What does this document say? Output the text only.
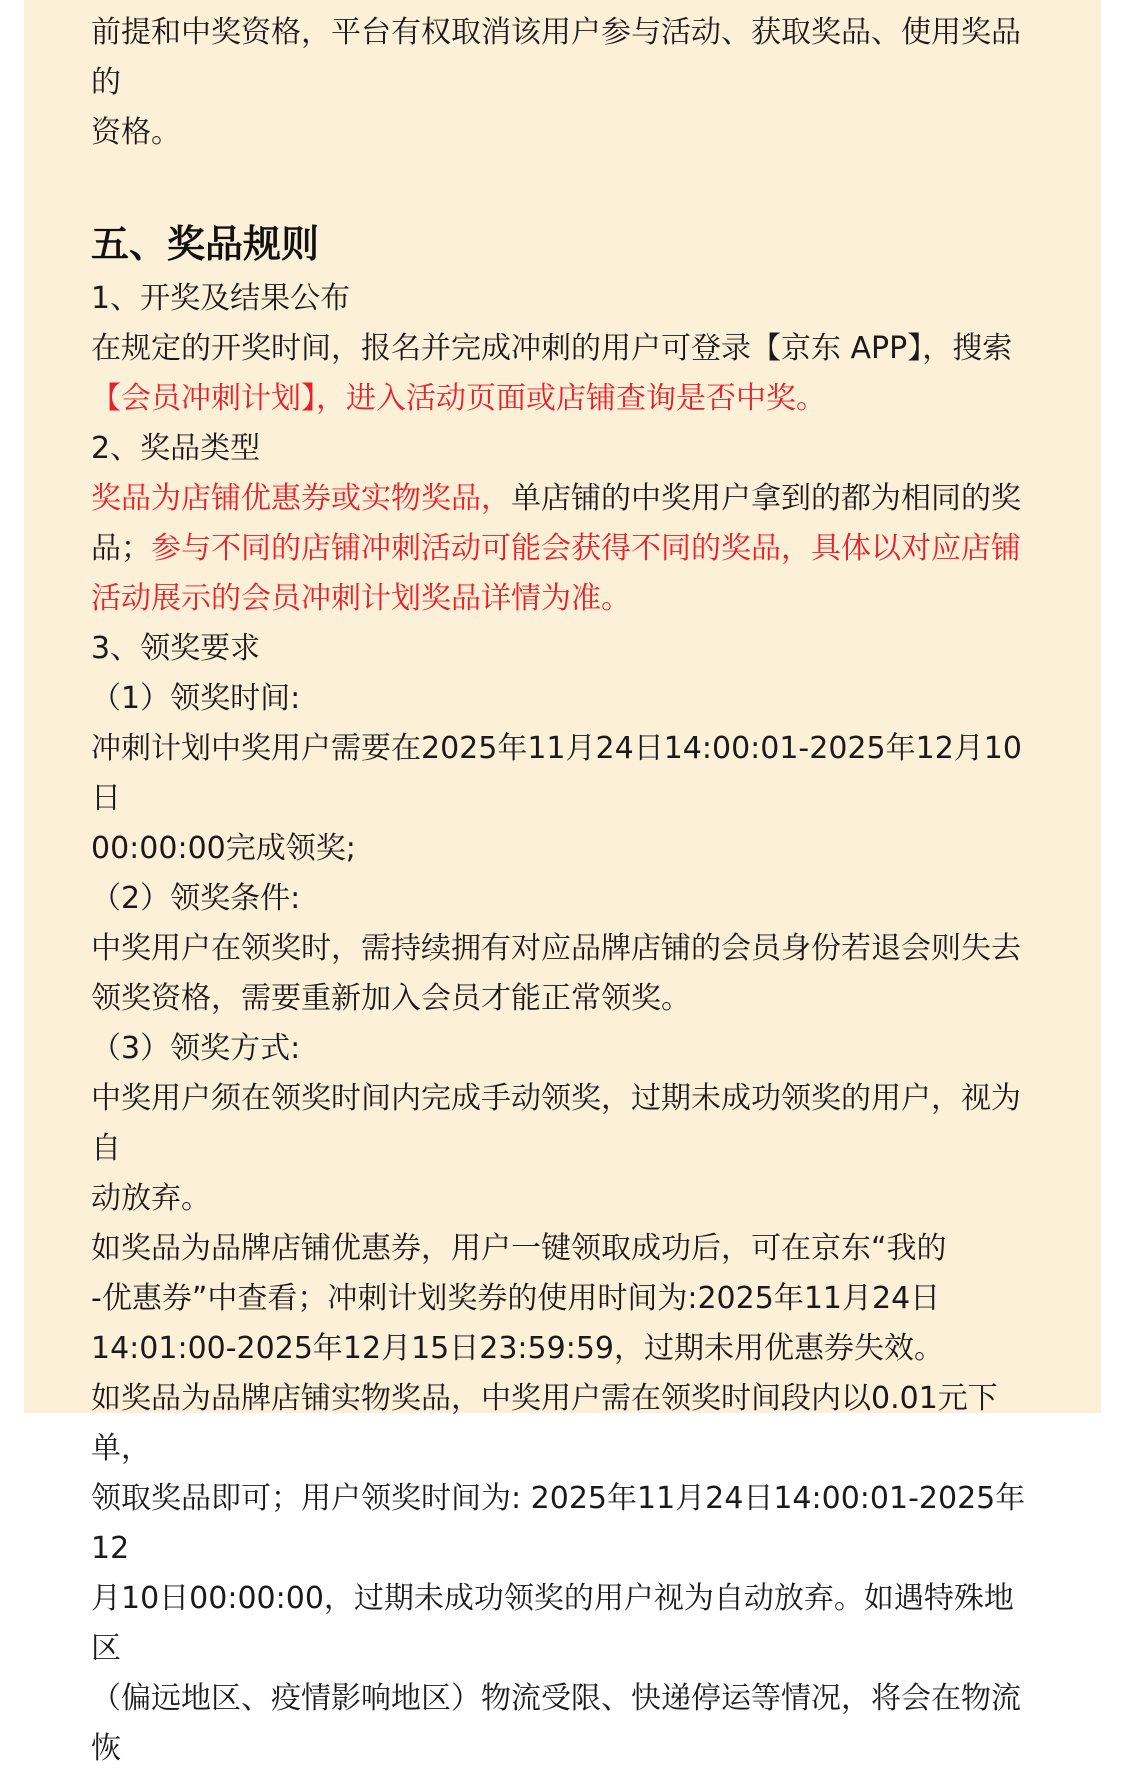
前提和中奖资格，平台有权取消该用户参与活动、获取奖品、使用奖品的

资格。

五、奖品规则

1、开奖及结果公布

在规定的开奖时间，报名并完成冲刺的用户可登录【京东 APP】，搜索

【会员冲刺计划】，进入活动页面或店铺查询是否中奖。

2、奖品类型

奖品为店铺优惠券或实物奖品，单店铺的中奖用户拿到的都为相同的奖

品；参与不同的店铺冲刺活动可能会获得不同的奖品，具体以对应店铺

活动展示的会员冲刺计划奖品详情为准。

3、领奖要求

（1）领奖时间:

冲刺计划中奖用户需要在2025年11月24日14:00:01-2025年12月10日

00:00:00完成领奖;

（2）领奖条件:

中奖用户在领奖时，需持续拥有对应品牌店铺的会员身份若退会则失去

领奖资格，需要重新加入会员才能正常领奖。

（3）领奖方式:

中奖用户须在领奖时间内完成手动领奖，过期未成功领奖的用户，视为自

动放弃。

如奖品为品牌店铺优惠券，用户一键领取成功后，可在京东“我的

-优惠券”中查看；冲刺计划奖券的使用时间为:2025年11月24日

14:01:00-2025年12月15日23:59:59，过期未用优惠券失效。

如奖品为品牌店铺实物奖品，中奖用户需在领奖时间段内以0.01元下单，

领取奖品即可；用户领奖时间为: 2025年11月24日14:00:01-2025年12

月10日00:00:00，过期未成功领奖的用户视为自动放弃。如遇特殊地区

（偏远地区、疫情影响地区）物流受限、快递停运等情况，将会在物流恢
